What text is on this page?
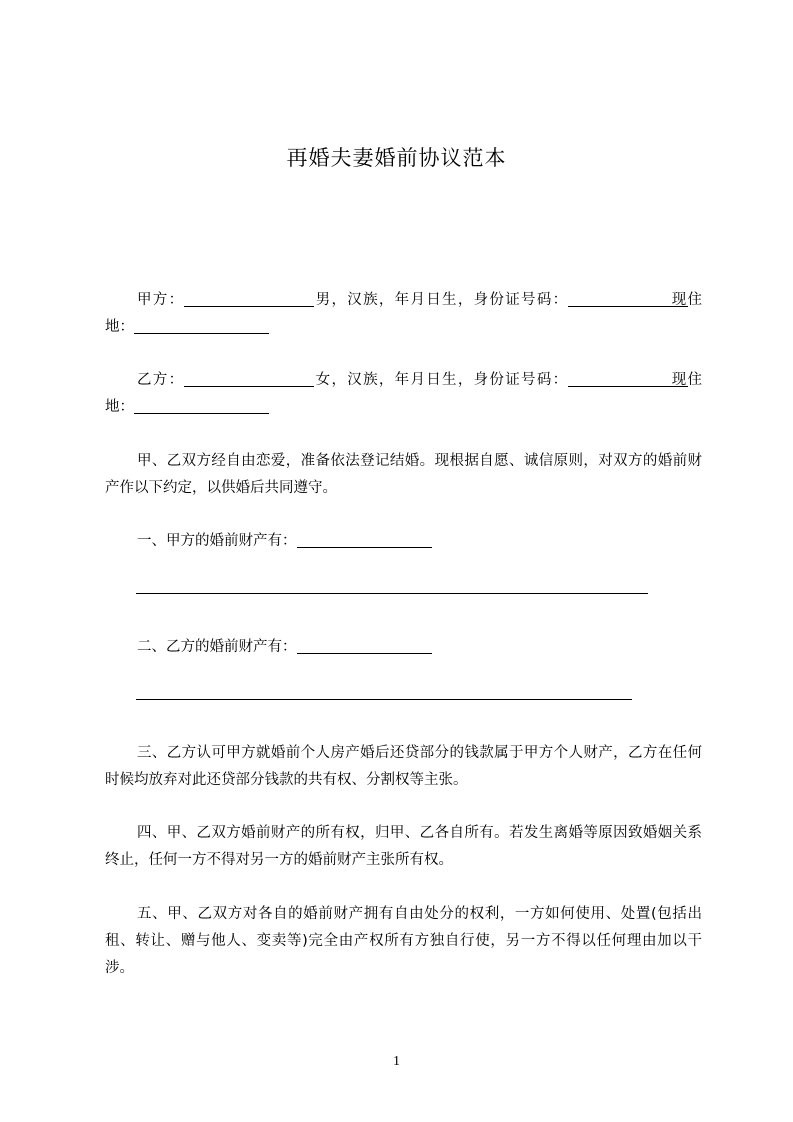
再婚夫妻婚前协议范本

甲方：	男，汉族，年月日生，身份证号码：	现住地：

乙方：	女，汉族，年月日生，身份证号码：	现住地：

甲、乙双方经自由恋爱，准备依法登记结婚。现根据自愿、诚信原则，对双方的婚前财产作以下约定，以供婚后共同遵守。

一、甲方的婚前财产有：

二、乙方的婚前财产有：

三、乙方认可甲方就婚前个人房产婚后还贷部分的钱款属于甲方个人财产，乙方在任何时候均放弃对此还贷部分钱款的共有权、分割权等主张。

四、甲、乙双方婚前财产的所有权，归甲、乙各自所有。若发生离婚等原因致婚姻关系终止，任何一方不得对另一方的婚前财产主张所有权。

五、甲、乙双方对各自的婚前财产拥有自由处分的权利，一方如何使用、处置(包括出租、转让、赠与他人、变卖等)完全由产权所有方独自行使，另一方不得以任何理由加以干涉。

1
